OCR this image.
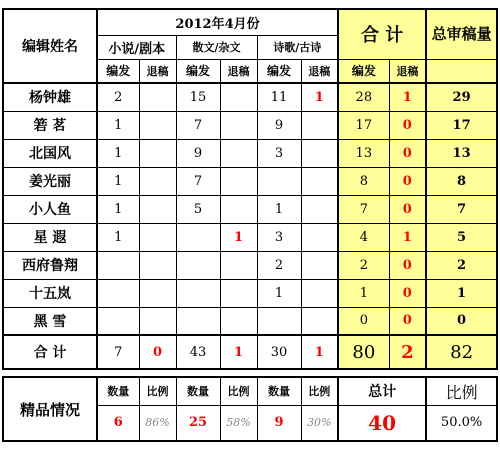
编辑姓名	2012年4月份						合 计		总审稿量
	小说/剧本		散文/杂文		诗歌/古诗				
	编发	退稿	编发	退稿	编发	退稿	编发	退稿	
杨钟雄	2		15		11	1	28	1	29
箬 茗	1		7		9		17	0	17
北国风	1		9		3		13	0	13
姜光丽	1		7				8	0	8
小人鱼	1		5		1		7	0	7
星 遐	1			1	3		4	1	5
西府鲁翔					2		2	0	2
十五岚					1		1	0	1
黑 雪							0	0	0
合 计	7	0	43	1	30	1	80	2	82

精品情况	数量	比例	数量	比例	数量	比例	总计		比例
	6	86%	25	58%	9	30%	40		50.0%
